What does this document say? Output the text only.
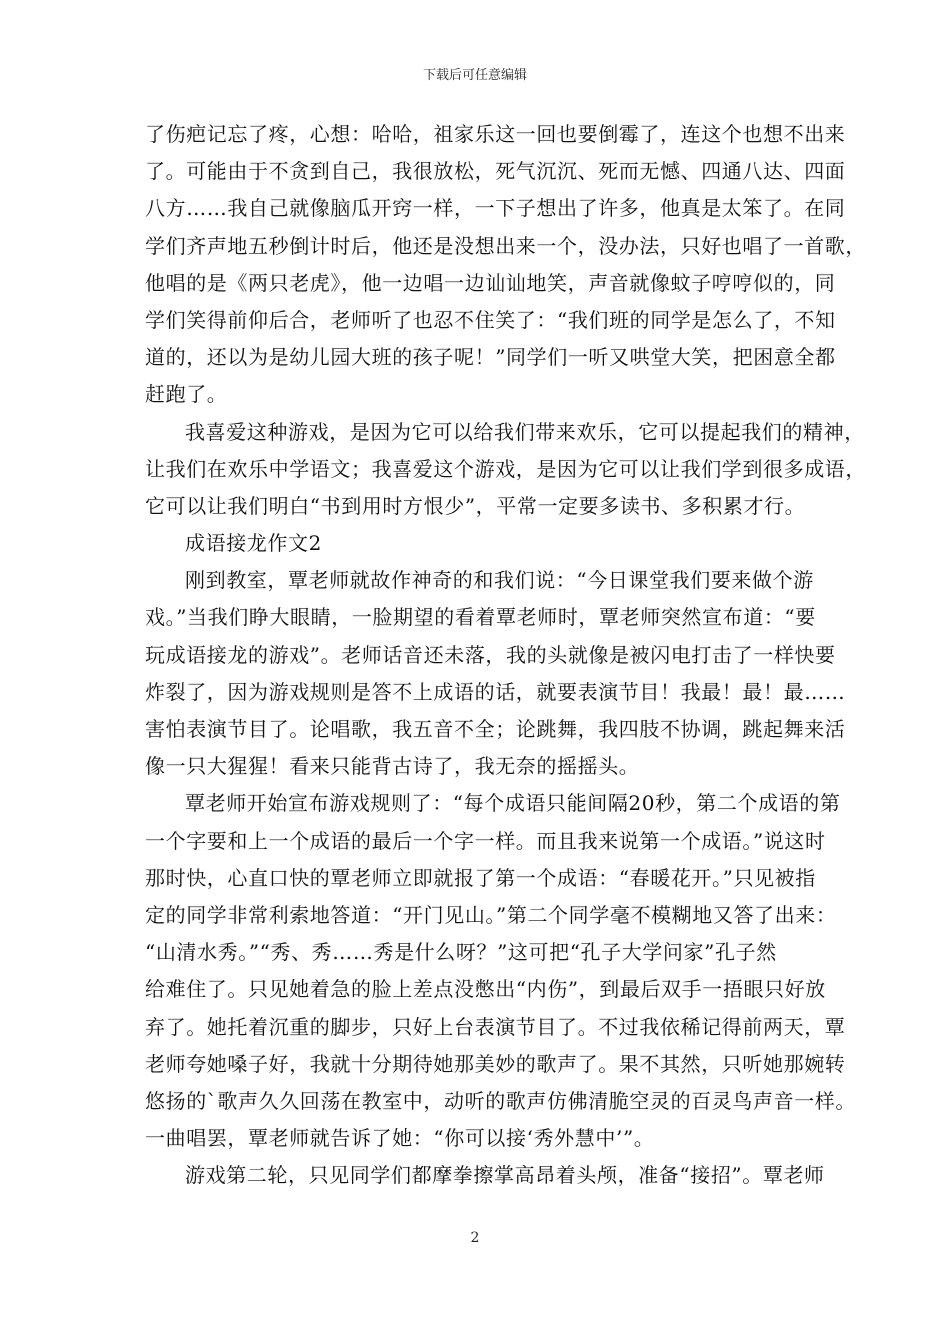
下载后可任意编辑
了伤疤记忘了疼，心想：哈哈，祖家乐这一回也要倒霉了，连这个也想不出来
了。可能由于不贪到自己，我很放松，死气沉沉、死而无憾、四通八达、四面
八方……我自己就像脑瓜开窍一样，一下子想出了许多，他真是太笨了。在同
学们齐声地五秒倒计时后，他还是没想出来一个，没办法，只好也唱了一首歌，
他唱的是《两只老虎》，他一边唱一边讪讪地笑，声音就像蚊子哼哼似的，同
学们笑得前仰后合，老师听了也忍不住笑了：“我们班的同学是怎么了，不知
道的，还以为是幼儿园大班的孩子呢！”同学们一听又哄堂大笑，把困意全都
赶跑了。
我喜爱这种游戏，是因为它可以给我们带来欢乐，它可以提起我们的精神，
让我们在欢乐中学语文；我喜爱这个游戏，是因为它可以让我们学到很多成语，
它可以让我们明白“书到用时方恨少”，平常一定要多读书、多积累才行。
成语接龙作文2
刚到教室，覃老师就故作神奇的和我们说：“今日课堂我们要来做个游
戏。”当我们睁大眼睛，一脸期望的看着覃老师时，覃老师突然宣布道：“要
玩成语接龙的游戏”。老师话音还未落，我的头就像是被闪电打击了一样快要
炸裂了，因为游戏规则是答不上成语的话，就要表演节目！我最！最！最……
害怕表演节目了。论唱歌，我五音不全；论跳舞，我四肢不协调，跳起舞来活
像一只大猩猩！看来只能背古诗了，我无奈的摇摇头。
覃老师开始宣布游戏规则了：“每个成语只能间隔20秒，第二个成语的第
一个字要和上一个成语的最后一个字一样。而且我来说第一个成语。”说这时
那时快，心直口快的覃老师立即就报了第一个成语：“春暖花开。”只见被指
定的同学非常利索地答道：“开门见山。”第二个同学毫不模糊地又答了出来：
“山清水秀。”“秀、秀……秀是什么呀？”这可把“孔子大学问家”孔子然
给难住了。只见她着急的脸上差点没憋出“内伤”，到最后双手一捂眼只好放
弃了。她托着沉重的脚步，只好上台表演节目了。不过我依稀记得前两天，覃
老师夸她嗓子好，我就十分期待她那美妙的歌声了。果不其然，只听她那婉转
悠扬的`歌声久久回荡在教室中，动听的歌声仿佛清脆空灵的百灵鸟声音一样。
一曲唱罢，覃老师就告诉了她：“你可以接‘秀外慧中’”。
游戏第二轮，只见同学们都摩拳擦掌高昂着头颅，准备“接招”。覃老师
2
